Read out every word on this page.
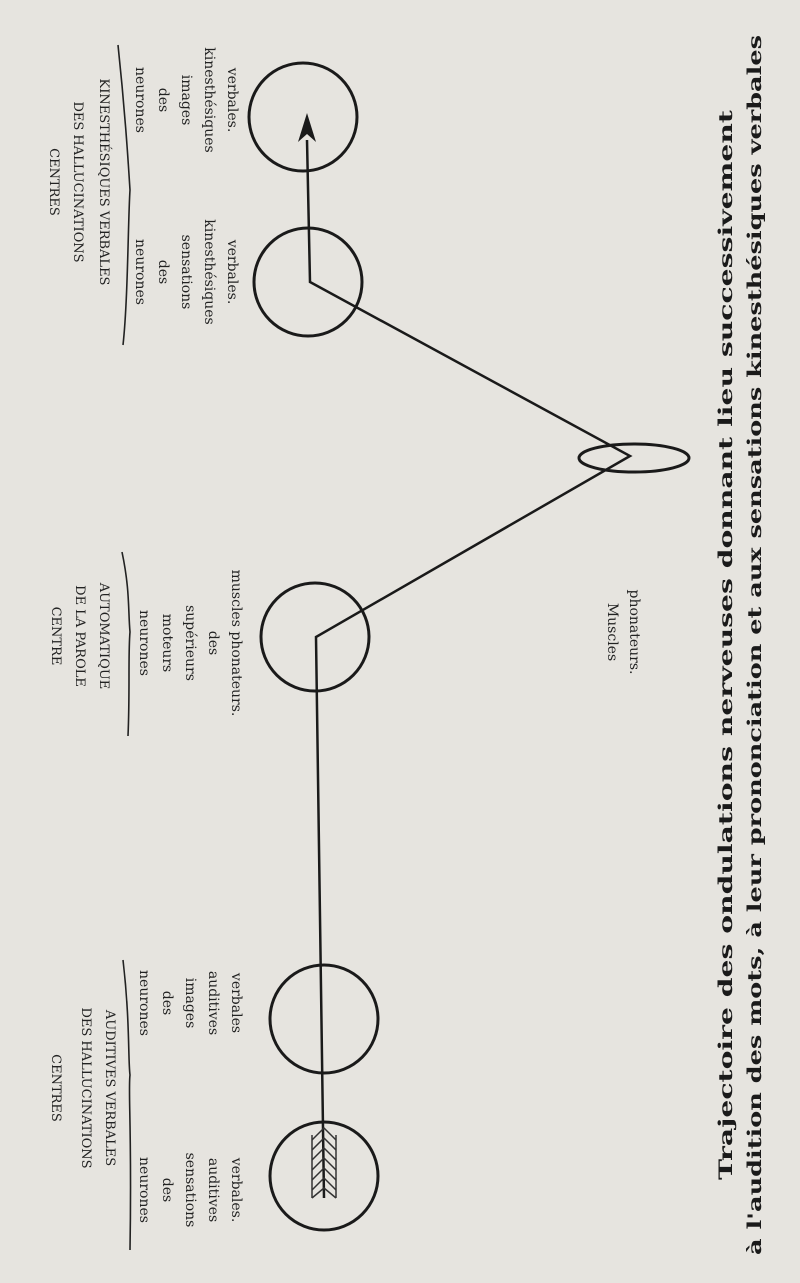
CENTRES DES HALLUCINATIONS AUDITIVES VERBALES
neurones des sensations auditives verbales.
neurones des images auditives verbales
CENTRE DE LA PAROLE AUTOMATIQUE neurones moteurs supérieurs des muscles phonateurs.	Muscles phonateurs.
CENTRES DES HALLUCINATIONS KINESTHÉSIQUES VERBALES neurones des sensations kinesthésiques verbales.
neurones des images kinesthésiques verbales.
Trajectoire des ondulations nerveuses donnant lieu successivement à l'audition des mots, à leur prononciation et aux sensations kinesthésiques verbales
